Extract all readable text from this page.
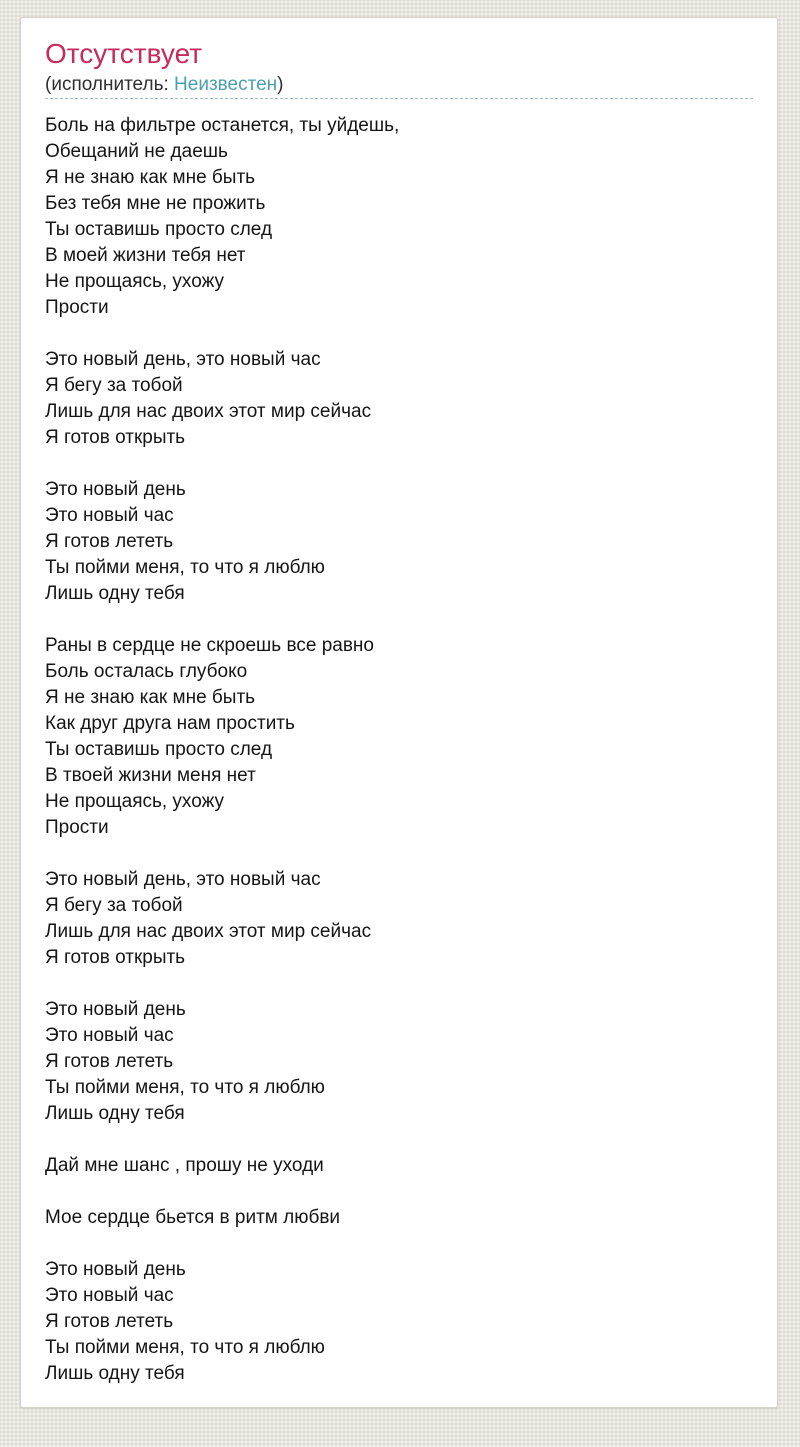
Отсутствует
(исполнитель: Неизвестен)
Боль на фильтре останется, ты уйдешь,
Обещаний не даешь
Я не знаю как мне быть
Без тебя мне не прожить
Ты оставишь просто след
В моей жизни тебя нет
Не прощаясь, ухожу
Прости

Это новый день, это новый час
Я бегу за тобой
Лишь для нас двоих этот мир сейчас
Я готов открыть

Это новый день
Это новый час
Я готов лететь
Ты пойми меня, то что я люблю
Лишь одну тебя

Раны в сердце не скроешь все равно
Боль осталась глубоко
Я не знаю как мне быть
Как друг друга нам простить
Ты оставишь просто след
В твоей жизни меня нет
Не прощаясь, ухожу
Прости

Это новый день, это новый час
Я бегу за тобой
Лишь для нас двоих этот мир сейчас
Я готов открыть

Это новый день
Это новый час
Я готов лететь
Ты пойми меня, то что я люблю
Лишь одну тебя

Дай мне шанс , прошу не уходи

Мое сердце бьется в ритм любви

Это новый день
Это новый час
Я готов лететь
Ты пойми меня, то что я люблю
Лишь одну тебя
